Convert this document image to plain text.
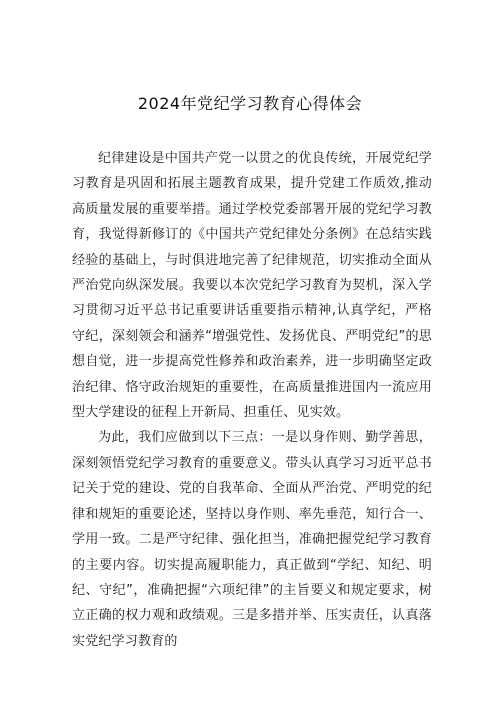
2024年党纪学习教育心得体会

纪律建设是中国共产党一以贯之的优良传统，开展党纪学习教育是巩固和拓展主题教育成果，提升党建工作质效,推动高质量发展的重要举措。通过学校党委部署开展的党纪学习教育，我觉得新修订的《中国共产党纪律处分条例》在总结实践经验的基础上，与时俱进地完善了纪律规范，切实推动全面从严治党向纵深发展。我要以本次党纪学习教育为契机，深入学习贯彻习近平总书记重要讲话重要指示精神,认真学纪，严格守纪，深刻领会和涵养“增强党性、发扬优良、严明党纪”的思想自觉，进一步提高党性修养和政治素养，进一步明确坚定政治纪律、恪守政治规矩的重要性，在高质量推进国内一流应用型大学建设的征程上开新局、担重任、见实效。

为此，我们应做到以下三点：一是以身作则、勤学善思，深刻领悟党纪学习教育的重要意义。带头认真学习习近平总书记关于党的建设、党的自我革命、全面从严治党、严明党的纪律和规矩的重要论述，坚持以身作则、率先垂范，知行合一、学用一致。二是严守纪律、强化担当，准确把握党纪学习教育的主要内容。切实提高履职能力，真正做到“学纪、知纪、明纪、守纪”，准确把握“六项纪律”的主旨要义和规定要求，树立正确的权力观和政绩观。三是多措并举、压实责任，认真落实党纪学习教育的
